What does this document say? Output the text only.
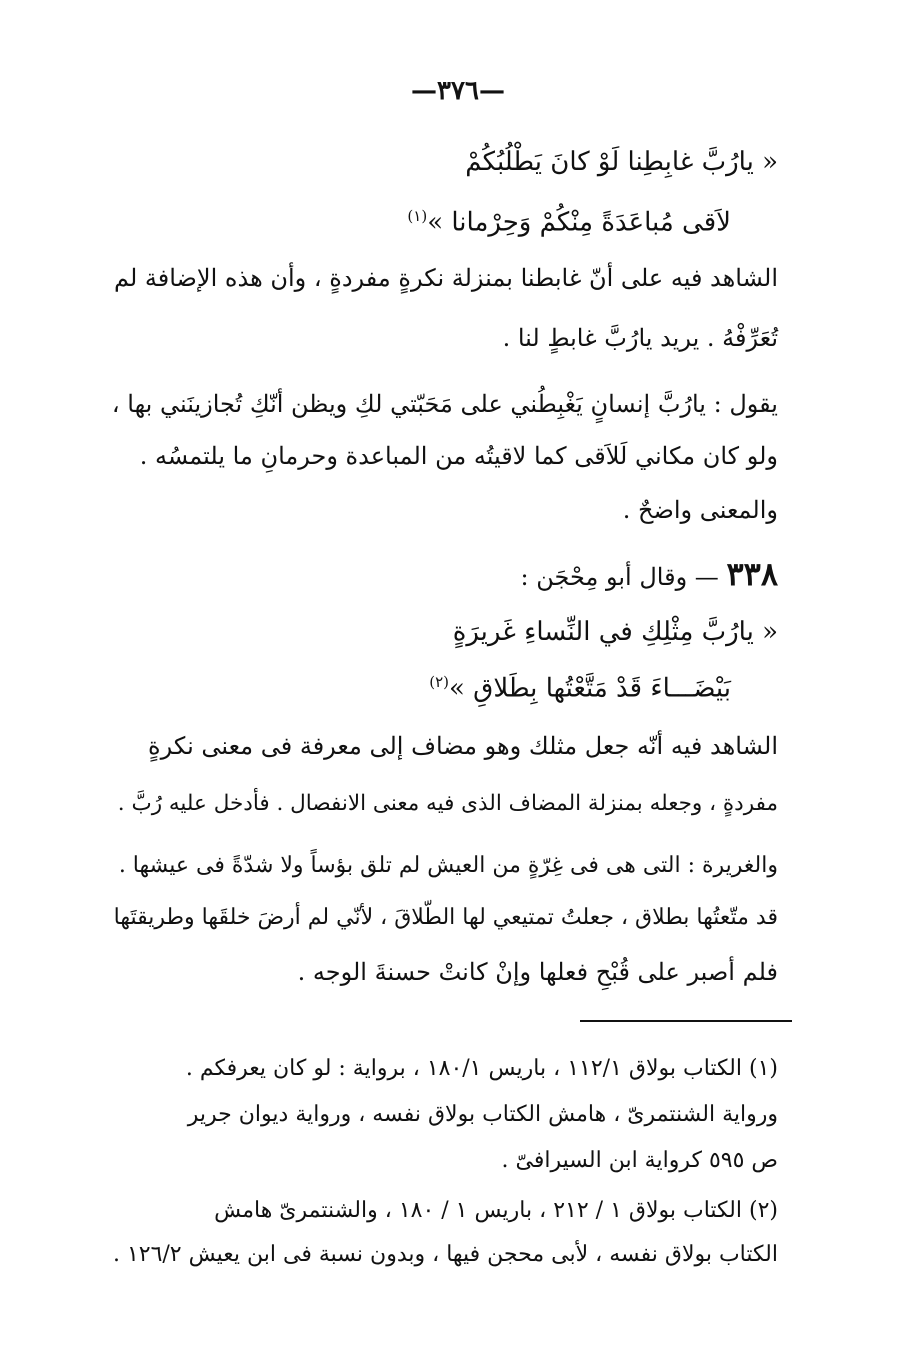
—٣٧٦—
« يارُبَّ غابِطِنا لَوْ كانَ يَطْلُبُكُمْ
لاَقى مُباعَدَةً مِنْكُمْ وَحِرْمانا »$^{(١)}$
الشاهد فيه على أنّ غابطنا بمنزلة نكرةٍ مفردةٍ ، وأن هذه الإضافة لم
تُعَرِّفْهُ . يريد يارُبَّ غابطٍ لنا .
يقول : يارُبَّ إنسانٍ يَغْبِطُني على مَحَبّتي لكِ ويظن أنّكِ تُجازينَني بها ،
ولو كان مكاني لَلاَقى كما لاقيتُه من المباعدة وحرمانِ ما يلتمسُه .
والمعنى واضحٌ .
٣٣٨ — وقال أبو مِحْجَن :
« يارُبَّ مِثْلِكِ في النِّساءِ غَريرَةٍ
بَيْضَـــاءَ قَدْ مَتَّعْتُها بِطَلاقِ »$^{(٢)}$
الشاهد فيه أنّه جعل مثلك وهو مضاف إلى معرفة فى معنى نكرةٍ
مفردةٍ ، وجعله بمنزلة المضاف الذى فيه معنى الانفصال . فأدخل عليه رُبَّ .
والغريرة : التى هى فى غِرّةٍ من العيش لم تلق بؤساً ولا شدّةً فى عيشها .
قد متّعتُها بطلاق ، جعلتُ تمتيعي لها الطّلاقَ ، لأنّي لم أرضَ خلقَها وطريقتَها
فلم أصبر على قُبْحِ فعلها وإنْ كانتْ حسنةَ الوجه .
(١) الكتاب بولاق ١١٢/١ ، باريس ١٨٠/١ ، برواية : لو كان يعرفكم .
ورواية الشنتمرىّ ، هامش الكتاب بولاق نفسه ، ورواية ديوان جرير
ص ٥٩٥ كرواية ابن السيرافىّ .
(٢) الكتاب بولاق ١ / ٢١٢ ، باريس ١ / ١٨٠ ، والشنتمرىّ هامش
الكتاب بولاق نفسه ، لأبى محجن فيها ، وبدون نسبة فى ابن يعيش ١٢٦/٢ .
